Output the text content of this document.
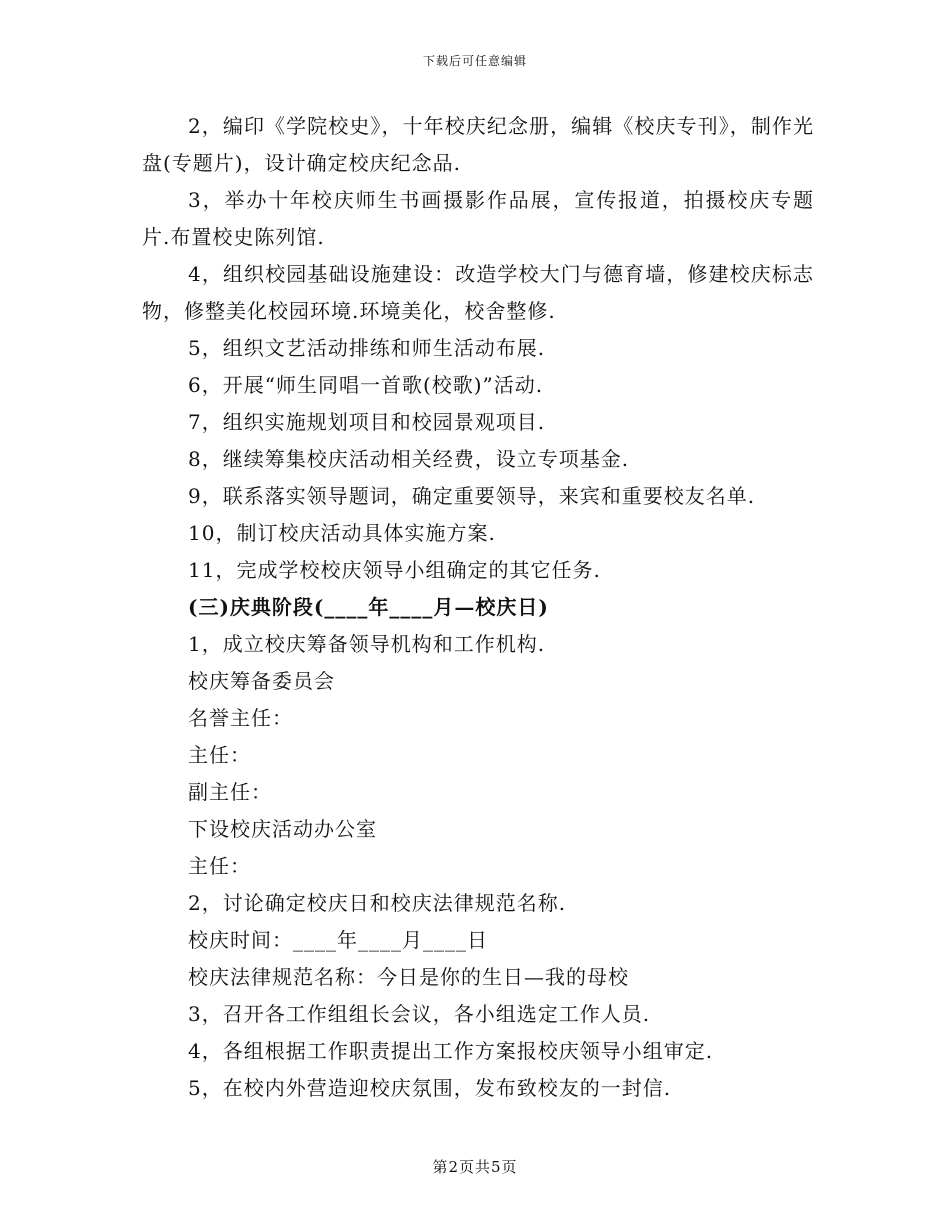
下载后可任意编辑

2，编印《学院校史》，十年校庆纪念册，编辑《校庆专刊》，制作光盘(专题片)，设计确定校庆纪念品.

3，举办十年校庆师生书画摄影作品展，宣传报道，拍摄校庆专题片.布置校史陈列馆.

4，组织校园基础设施建设：改造学校大门与德育墙，修建校庆标志物，修整美化校园环境.环境美化，校舍整修.

5，组织文艺活动排练和师生活动布展.

6，开展“师生同唱一首歌(校歌)”活动.

7，组织实施规划项目和校园景观项目.

8，继续筹集校庆活动相关经费，设立专项基金.

9，联系落实领导题词，确定重要领导，来宾和重要校友名单.

10，制订校庆活动具体实施方案.

11，完成学校校庆领导小组确定的其它任务.

(三)庆典阶段(____年____月—校庆日)

1，成立校庆筹备领导机构和工作机构.

校庆筹备委员会

名誉主任：

主任：

副主任：

下设校庆活动办公室

主任：

2，讨论确定校庆日和校庆法律规范名称.

校庆时间：____年____月____日

校庆法律规范名称：今日是你的生日—我的母校

3，召开各工作组组长会议，各小组选定工作人员.

4，各组根据工作职责提出工作方案报校庆领导小组审定.

5，在校内外营造迎校庆氛围，发布致校友的一封信.

第2页共5页
